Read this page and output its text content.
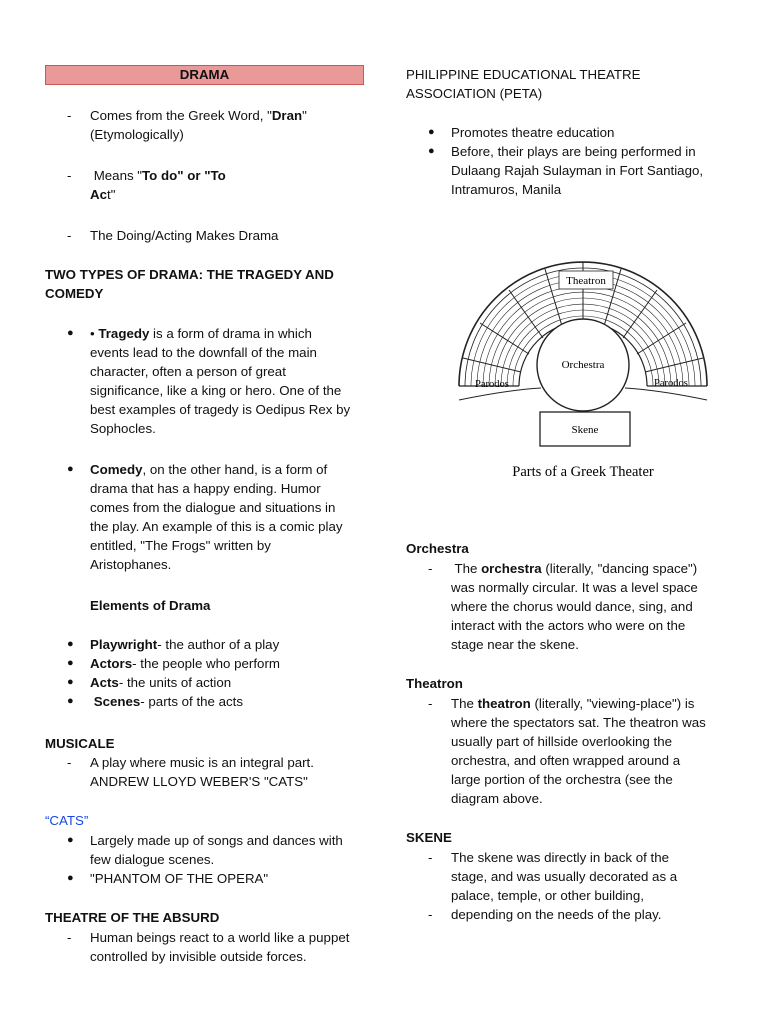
DRAMA
- Comes from the Greek Word, "Dran"
(Etymologically)
- Means "To do" or "To
Act"
- The Doing/Acting Makes Drama
TWO TYPES OF DRAMA: THE TRAGEDY AND
COMEDY
● • Tragedy is a form of drama in which
events lead to the downfall of the main
character, often a person of great
significance, like a king or hero. One of the
best examples of tragedy is Oedipus Rex by
Sophocles.
● Comedy, on the other hand, is a form of
drama that has a happy ending. Humor
comes from the dialogue and situations in
the play. An example of this is a comic play
entitled, "The Frogs" written by
Aristophanes.
Elements of Drama
● Playwright- the author of a play
● Actors- the people who perform
● Acts- the units of action
● Scenes- parts of the acts
MUSICALE
- A play where music is an integral part.
ANDREW LLOYD WEBER'S "CATS"
“CATS”
● Largely made up of songs and dances with
few dialogue scenes.
● "PHANTOM OF THE OPERA"
THEATRE OF THE ABSURD
- Human beings react to a world like a puppet
controlled by invisible outside forces.
PHILIPPINE EDUCATIONAL THEATRE
ASSOCIATION (PETA)
● Promotes theatre education
● Before, their plays are being performed in
Dulaang Rajah Sulayman in Fort Santiago,
Intramuros, Manila
Theatron
Orchestra
Parodos	Parodos
Skene
Parts of a Greek Theater
Orchestra
- The orchestra (literally, "dancing space")
was normally circular. It was a level space
where the chorus would dance, sing, and
interact with the actors who were on the
stage near the skene.
Theatron
- The theatron (literally, "viewing-place") is
where the spectators sat. The theatron was
usually part of hillside overlooking the
orchestra, and often wrapped around a
large portion of the orchestra (see the
diagram above.
SKENE
- The skene was directly in back of the
stage, and was usually decorated as a
palace, temple, or other building,
- depending on the needs of the play.
